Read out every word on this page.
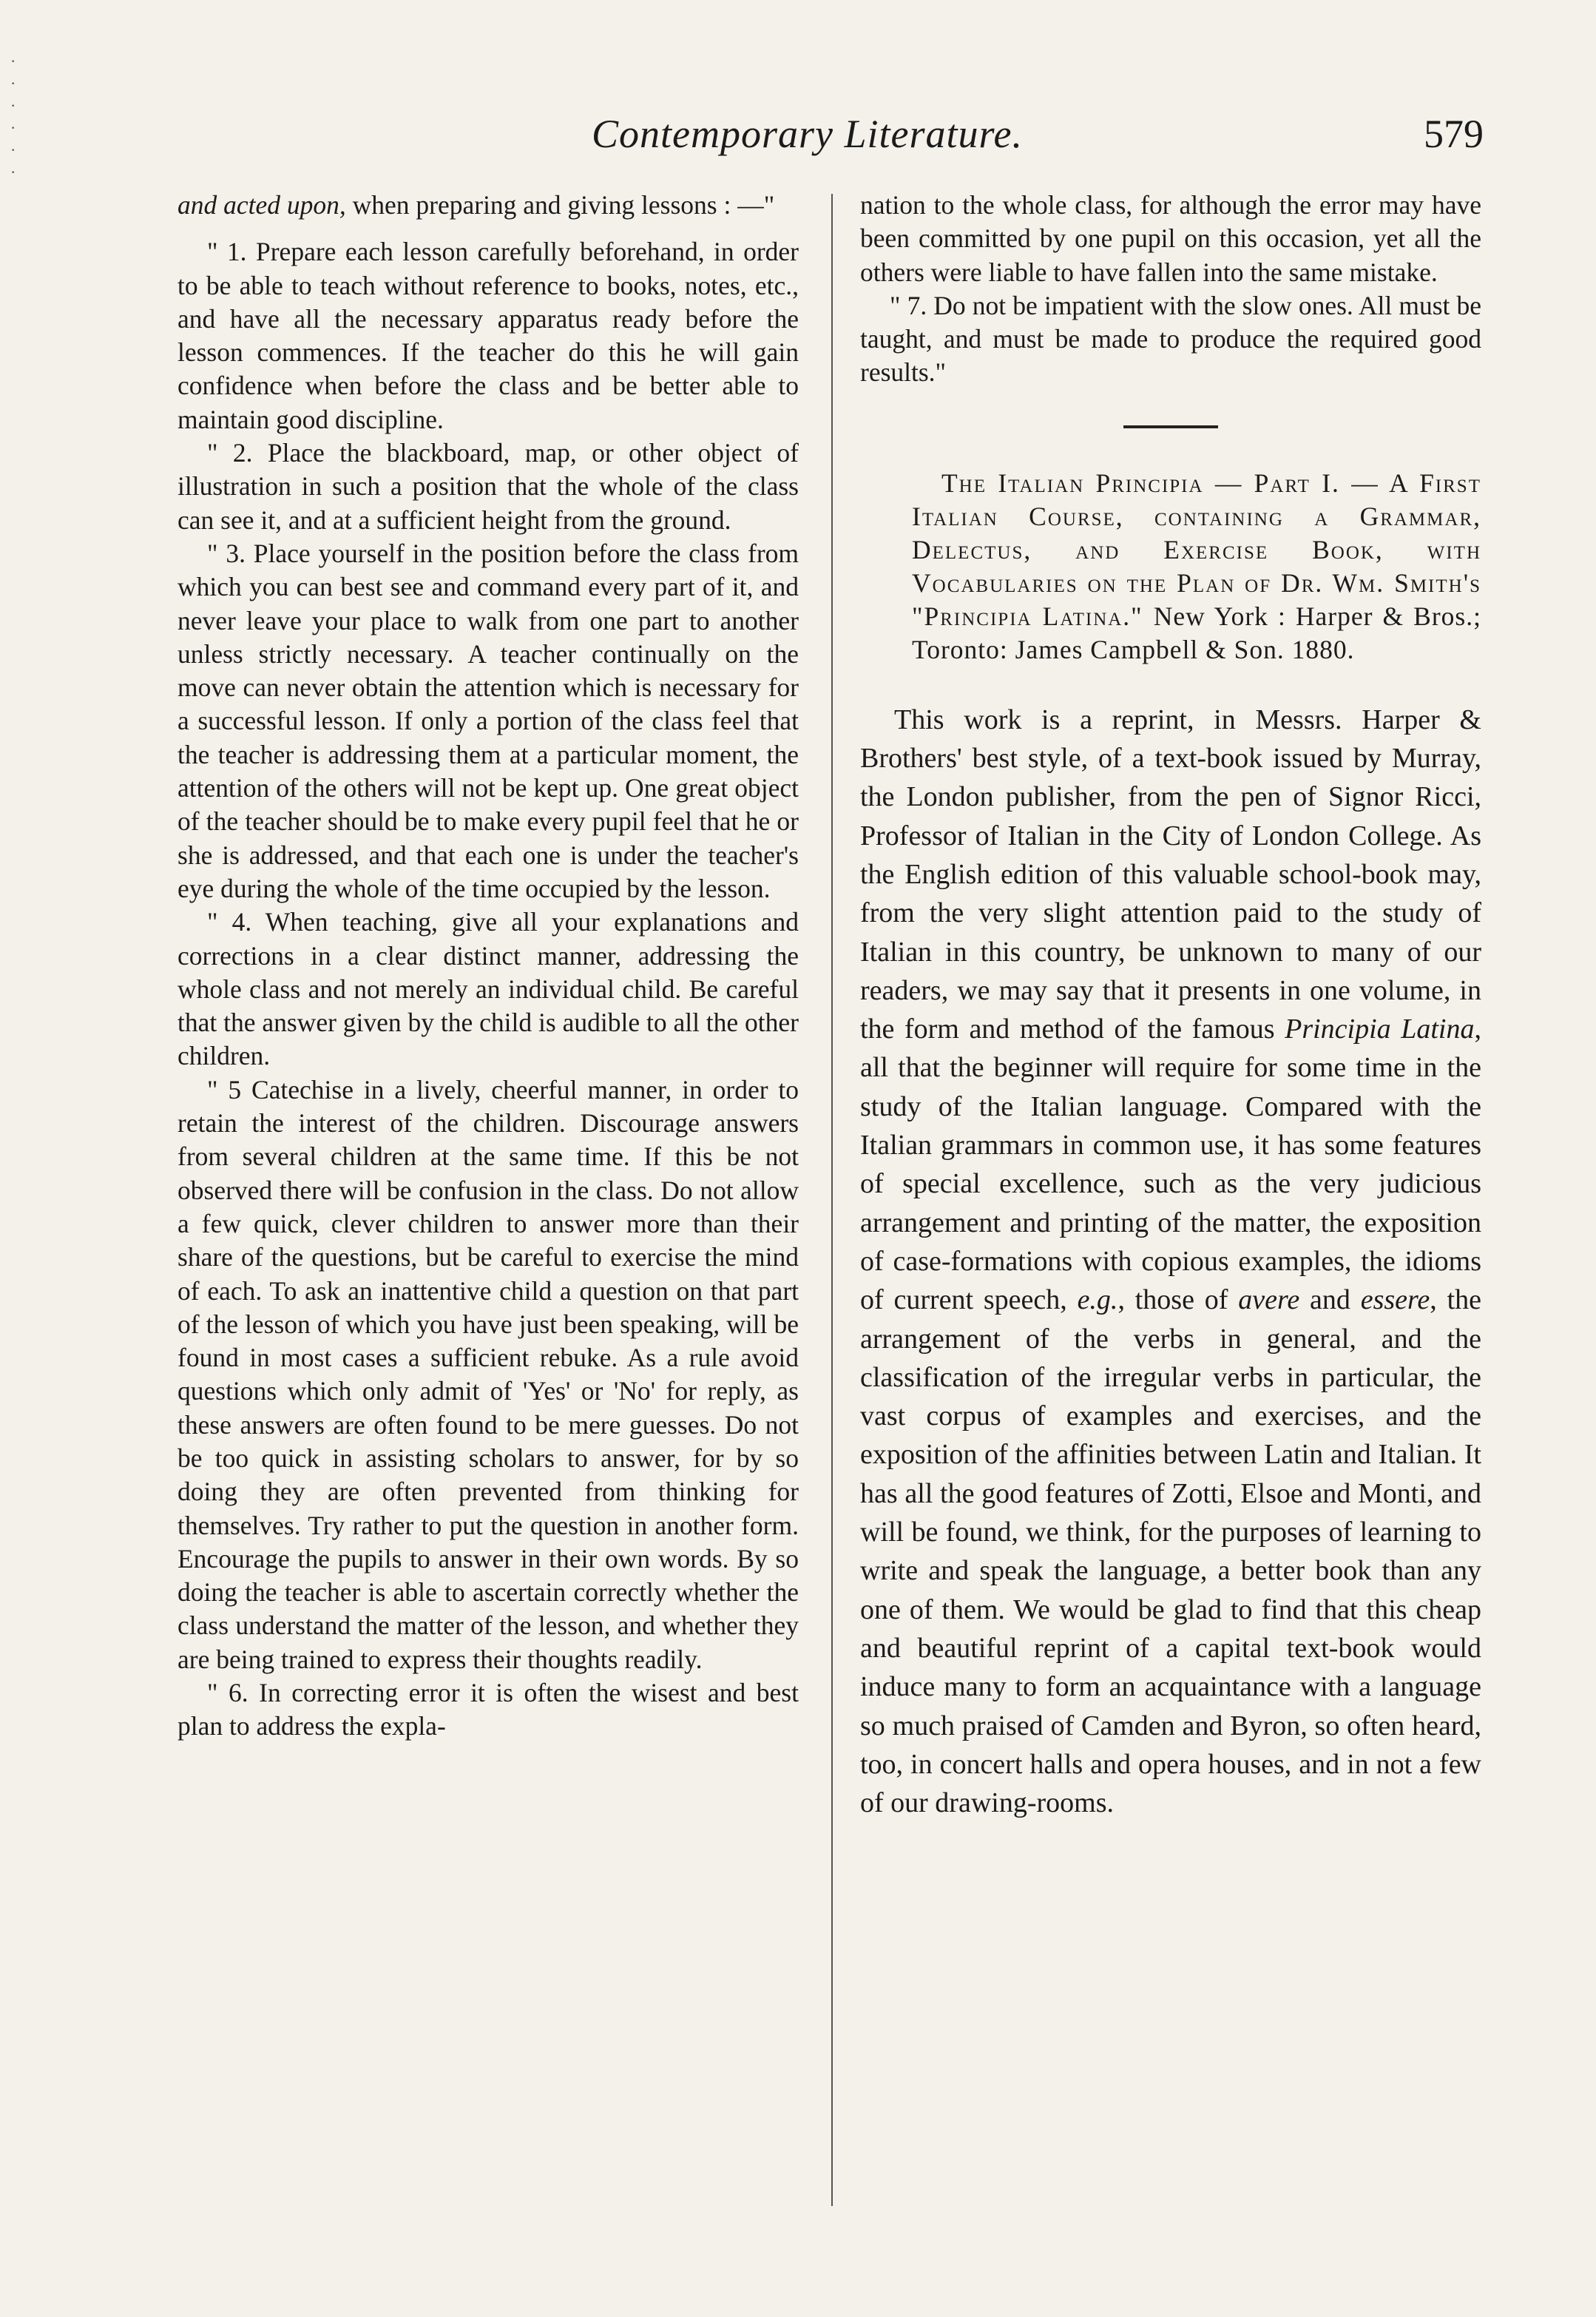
·
·
·
·
·
·
Contemporary Literature.	579

and acted upon, when preparing and giving lessons : —"

" 1. Prepare each lesson carefully beforehand, in order to be able to teach without reference to books, notes, etc., and have all the necessary apparatus ready before the lesson commences. If the teacher do this he will gain confidence when before the class and be better able to maintain good discipline.

" 2. Place the blackboard, map, or other object of illustration in such a position that the whole of the class can see it, and at a sufficient height from the ground.

" 3. Place yourself in the position before the class from which you can best see and command every part of it, and never leave your place to walk from one part to another unless strictly necessary. A teacher continually on the move can never obtain the attention which is necessary for a successful lesson. If only a portion of the class feel that the teacher is addressing them at a particular moment, the attention of the others will not be kept up. One great object of the teacher should be to make every pupil feel that he or she is addressed, and that each one is under the teacher's eye during the whole of the time occupied by the lesson.

" 4. When teaching, give all your explanations and corrections in a clear distinct manner, addressing the whole class and not merely an individual child. Be careful that the answer given by the child is audible to all the other children.

" 5 Catechise in a lively, cheerful manner, in order to retain the interest of the children. Discourage answers from several children at the same time. If this be not observed there will be confusion in the class. Do not allow a few quick, clever children to answer more than their share of the questions, but be careful to exercise the mind of each. To ask an inattentive child a question on that part of the lesson of which you have just been speaking, will be found in most cases a sufficient rebuke. As a rule avoid questions which only admit of 'Yes' or 'No' for reply, as these answers are often found to be mere guesses. Do not be too quick in assisting scholars to answer, for by so doing they are often prevented from thinking for themselves. Try rather to put the question in another form. Encourage the pupils to answer in their own words. By so doing the teacher is able to ascertain correctly whether the class understand the matter of the lesson, and whether they are being trained to express their thoughts readily.

" 6. In correcting error it is often the wisest and best plan to address the expla-

nation to the whole class, for although the error may have been committed by one pupil on this occasion, yet all the others were liable to have fallen into the same mistake.

" 7. Do not be impatient with the slow ones. All must be taught, and must be made to produce the required good results."

The Italian Principia — Part I. — A First Italian Course, containing a Grammar, Delectus, and Exercise Book, with Vocabularies on the Plan of Dr. Wm. Smith's "Principia Latina." New York : Harper & Bros.; Toronto: James Campbell & Son. 1880.

This work is a reprint, in Messrs. Harper & Brothers' best style, of a text-book issued by Murray, the London publisher, from the pen of Signor Ricci, Professor of Italian in the City of London College. As the English edition of this valuable school-book may, from the very slight attention paid to the study of Italian in this country, be unknown to many of our readers, we may say that it presents in one volume, in the form and method of the famous Principia Latina, all that the beginner will require for some time in the study of the Italian language. Compared with the Italian grammars in common use, it has some features of special excellence, such as the very judicious arrangement and printing of the matter, the exposition of case-formations with copious examples, the idioms of current speech, e.g., those of avere and essere, the arrangement of the verbs in general, and the classification of the irregular verbs in particular, the vast corpus of examples and exercises, and the exposition of the affinities between Latin and Italian. It has all the good features of Zotti, Elsoe and Monti, and will be found, we think, for the purposes of learning to write and speak the language, a better book than any one of them. We would be glad to find that this cheap and beautiful reprint of a capital text-book would induce many to form an acquaintance with a language so much praised of Camden and Byron, so often heard, too, in concert halls and opera houses, and in not a few of our drawing-rooms.
